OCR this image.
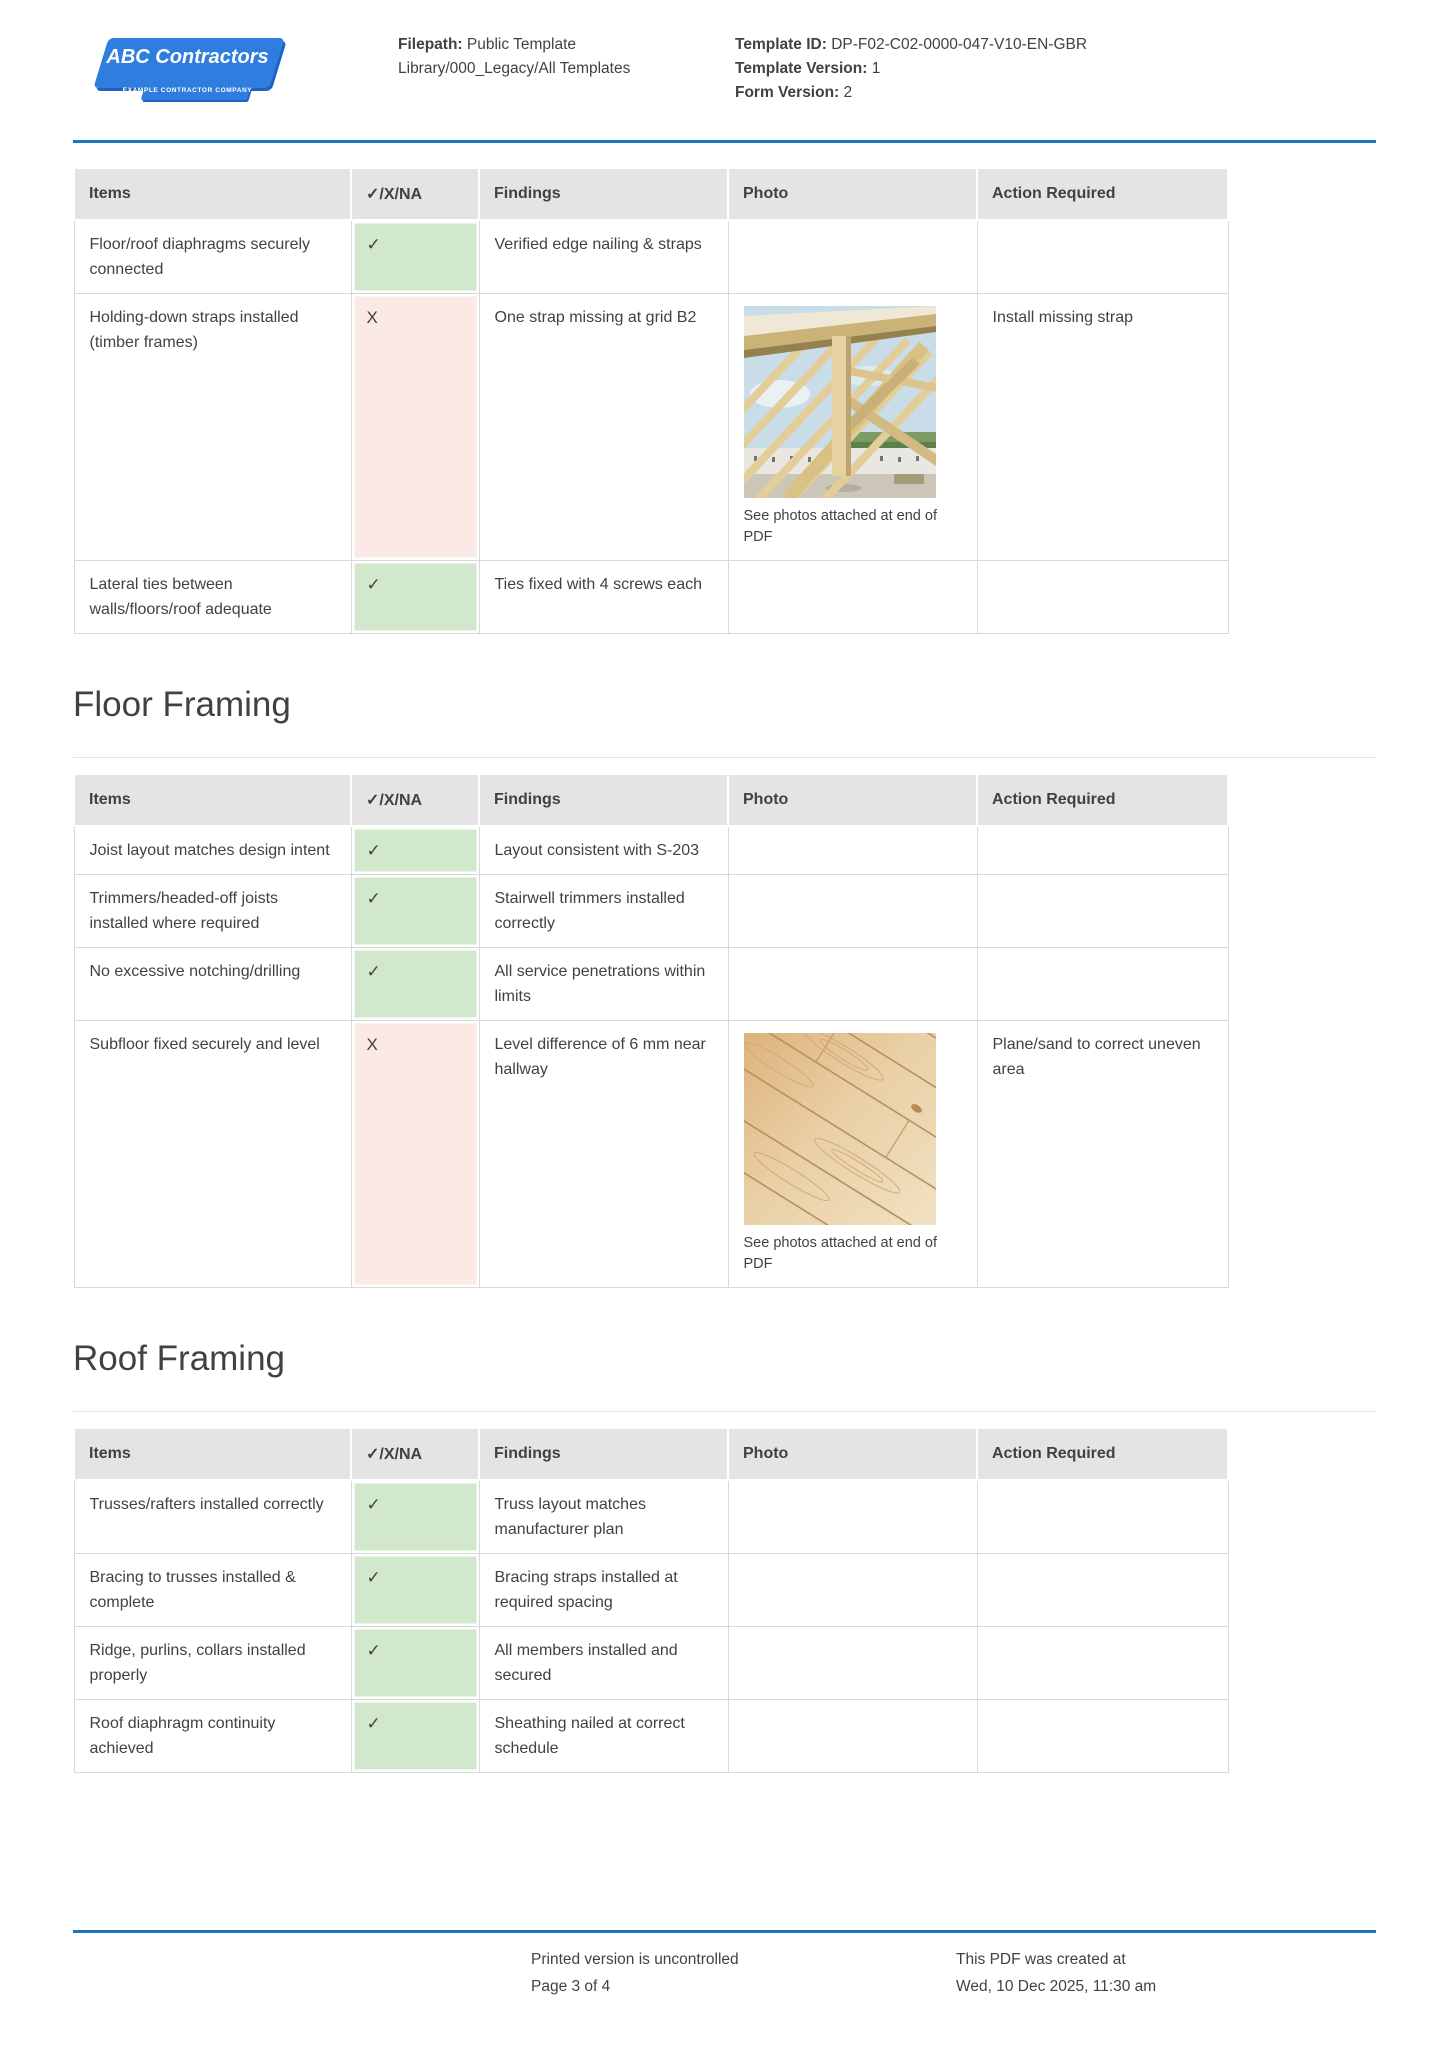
ABC Contractors
EXAMPLE CONTRACTOR COMPANY
Filepath: Public Template Library/000_Legacy/All Templates
Template ID: DP-F02-C02-0000-047-V10-EN-GBR
Template Version: 1
Form Version: 2
Items	✓/X/NA	Findings	Photo	Action Required
Floor/roof diaphragms securely connected	✓	Verified edge nailing & straps		
Holding-down straps installed (timber frames)	X	One strap missing at grid B2	See photos attached at end of PDF	Install missing strap
Lateral ties between walls/floors/roof adequate	✓	Ties fixed with 4 screws each		
Floor Framing
Items	✓/X/NA	Findings	Photo	Action Required
Joist layout matches design intent	✓	Layout consistent with S-203		
Trimmers/headed-off joists installed where required	✓	Stairwell trimmers installed correctly		
No excessive notching/drilling	✓	All service penetrations within limits		
Subfloor fixed securely and level	X	Level difference of 6 mm near hallway	See photos attached at end of PDF	Plane/sand to correct uneven area
Roof Framing
Items	✓/X/NA	Findings	Photo	Action Required
Trusses/rafters installed correctly	✓	Truss layout matches manufacturer plan		
Bracing to trusses installed & complete	✓	Bracing straps installed at required spacing		
Ridge, purlins, collars installed properly	✓	All members installed and secured		
Roof diaphragm continuity achieved	✓	Sheathing nailed at correct schedule		
Printed version is uncontrolled
Page 3 of 4
This PDF was created at
Wed, 10 Dec 2025, 11:30 am
